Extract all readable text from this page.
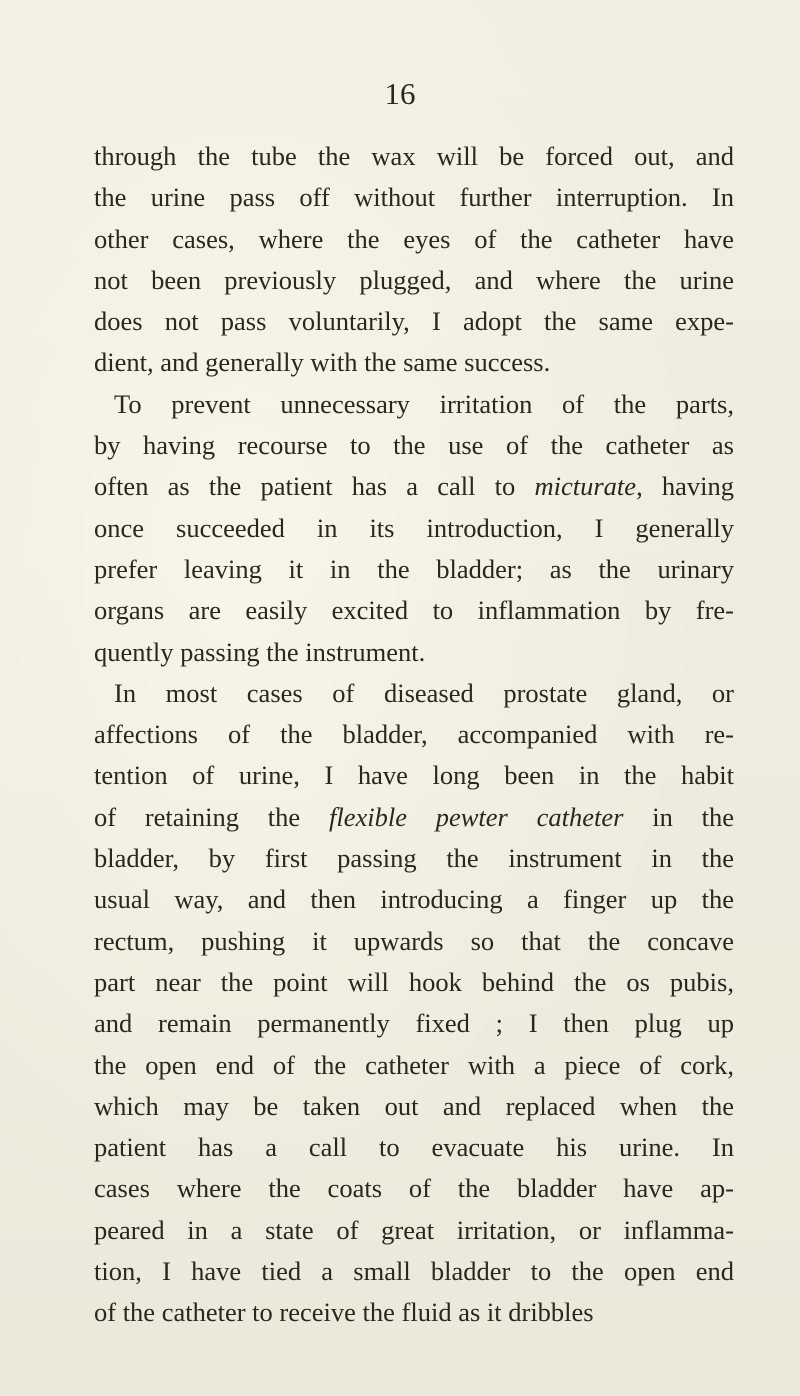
16
through the tube the wax will be forced out, and
the urine pass off without further interruption. In
other cases, where the eyes of the catheter have
not been previously plugged, and where the urine
does not pass voluntarily, I adopt the same expe-
dient, and generally with the same success.
To prevent unnecessary irritation of the parts,
by having recourse to the use of the catheter as
often as the patient has a call to micturate, having
once succeeded in its introduction, I generally
prefer leaving it in the bladder; as the urinary
organs are easily excited to inflammation by fre-
quently passing the instrument.
In most cases of diseased prostate gland, or
affections of the bladder, accompanied with re-
tention of urine, I have long been in the habit
of retaining the flexible pewter catheter in the
bladder, by first passing the instrument in the
usual way, and then introducing a finger up the
rectum, pushing it upwards so that the concave
part near the point will hook behind the os pubis,
and remain permanently fixed ; I then plug up
the open end of the catheter with a piece of cork,
which may be taken out and replaced when the
patient has a call to evacuate his urine. In
cases where the coats of the bladder have ap-
peared in a state of great irritation, or inflamma-
tion, I have tied a small bladder to the open end
of the catheter to receive the fluid as it dribbles
